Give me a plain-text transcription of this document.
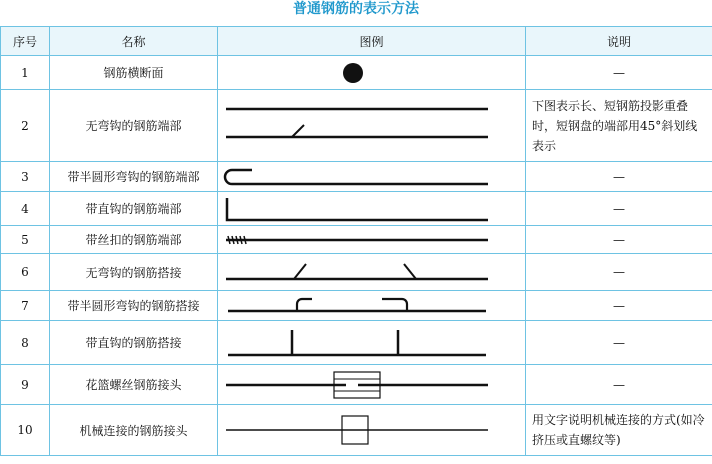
普通钢筋的表示方法
序号	名称	图例	说明
1	钢筋横断面		—
2	无弯钩的钢筋端部		下图表示长、短钢筋投影重叠时，短钢盘的端部用45°斜划线表示
3	带半圆形弯钩的钢筋端部		—
4	带直钩的钢筋端部		—
5	带丝扣的钢筋端部		—
6	无弯钩的钢筋搭接		—
7	带半圆形弯钩的钢筋搭接		—
8	带直钩的钢筋搭接		—
9	花篮螺丝钢筋接头		—
10	机械连接的钢筋接头		用文字说明机械连接的方式(如冷挤压或直螺纹等)
